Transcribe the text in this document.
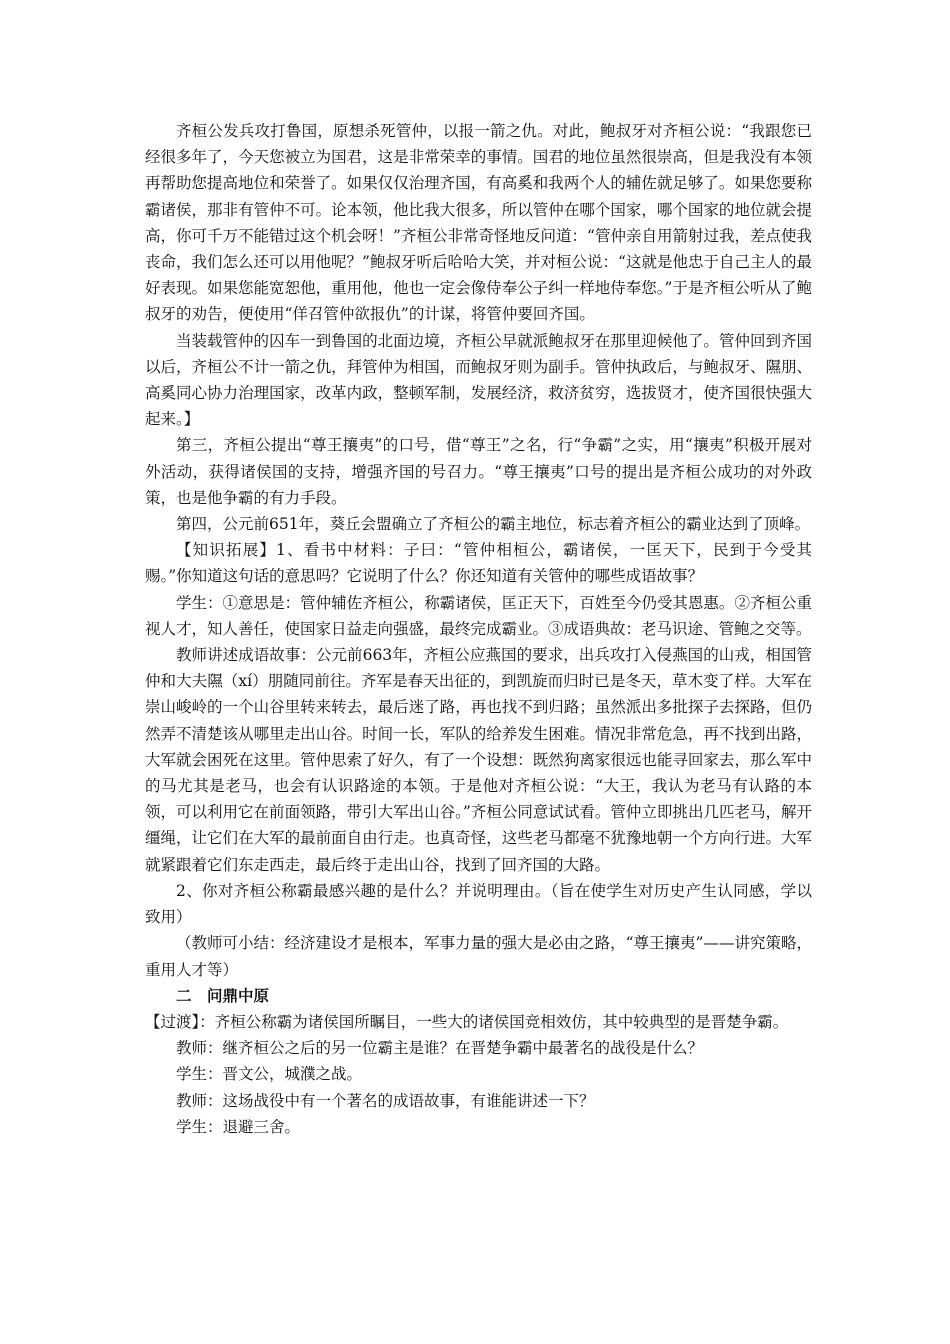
齐桓公发兵攻打鲁国，原想杀死管仲，以报一箭之仇。对此，鲍叔牙对齐桓公说：“我跟您已经很多年了，今天您被立为国君，这是非常荣幸的事情。国君的地位虽然很崇高，但是我没有本领再帮助您提高地位和荣誉了。如果仅仅治理齐国，有高奚和我两个人的辅佐就足够了。如果您要称霸诸侯，那非有管仲不可。论本领，他比我大很多，所以管仲在哪个国家，哪个国家的地位就会提高，你可千万不能错过这个机会呀！”齐桓公非常奇怪地反问道：“管仲亲自用箭射过我，差点使我丧命，我们怎么还可以用他呢？”鲍叔牙听后哈哈大笑，并对桓公说：“这就是他忠于自己主人的最好表现。如果您能宽恕他，重用他，他也一定会像侍奉公子纠一样地侍奉您。”于是齐桓公听从了鲍叔牙的劝告，便使用“佯召管仲欲报仇”的计谋，将管仲要回齐国。

当装载管仲的囚车一到鲁国的北面边境，齐桓公早就派鲍叔牙在那里迎候他了。管仲回到齐国以后，齐桓公不计一箭之仇，拜管仲为相国，而鲍叔牙则为副手。管仲执政后，与鲍叔牙、隰朋、高奚同心协力治理国家，改革内政，整顿军制，发展经济，救济贫穷，选拔贤才，使齐国很快强大起来。】

第三，齐桓公提出“尊王攘夷”的口号，借“尊王”之名，行“争霸”之实，用“攘夷”积极开展对外活动，获得诸侯国的支持，增强齐国的号召力。“尊王攘夷”口号的提出是齐桓公成功的对外政策，也是他争霸的有力手段。

第四，公元前651年，葵丘会盟确立了齐桓公的霸主地位，标志着齐桓公的霸业达到了顶峰。

【知识拓展】1、看书中材料：子曰：“管仲相桓公，霸诸侯，一匡天下，民到于今受其赐。”你知道这句话的意思吗？它说明了什么？你还知道有关管仲的哪些成语故事？

学生：①意思是：管仲辅佐齐桓公，称霸诸侯，匡正天下，百姓至今仍受其恩惠。②齐桓公重视人才，知人善任，使国家日益走向强盛，最终完成霸业。③成语典故：老马识途、管鲍之交等。

教师讲述成语故事：公元前663年，齐桓公应燕国的要求，出兵攻打入侵燕国的山戎，相国管仲和大夫隰（xí）朋随同前往。齐军是春天出征的，到凯旋而归时已是冬天，草木变了样。大军在崇山峻岭的一个山谷里转来转去，最后迷了路，再也找不到归路；虽然派出多批探子去探路，但仍然弄不清楚该从哪里走出山谷。时间一长，军队的给养发生困难。情况非常危急，再不找到出路，大军就会困死在这里。管仲思索了好久，有了一个设想：既然狗离家很远也能寻回家去，那么军中的马尤其是老马，也会有认识路途的本领。于是他对齐桓公说：“大王，我认为老马有认路的本领，可以利用它在前面领路，带引大军出山谷。”齐桓公同意试试看。管仲立即挑出几匹老马，解开缰绳，让它们在大军的最前面自由行走。也真奇怪，这些老马都毫不犹豫地朝一个方向行进。大军就紧跟着它们东走西走，最后终于走出山谷，找到了回齐国的大路。

2、你对齐桓公称霸最感兴趣的是什么？并说明理由。（旨在使学生对历史产生认同感，学以致用）

（教师可小结：经济建设才是根本，军事力量的强大是必由之路，“尊王攘夷”——讲究策略，重用人才等）

二　问鼎中原

【过渡】：齐桓公称霸为诸侯国所瞩目，一些大的诸侯国竞相效仿，其中较典型的是晋楚争霸。

教师：继齐桓公之后的另一位霸主是谁？在晋楚争霸中最著名的战役是什么？

学生：晋文公，城濮之战。

教师：这场战役中有一个著名的成语故事，有谁能讲述一下？

学生：退避三舍。
